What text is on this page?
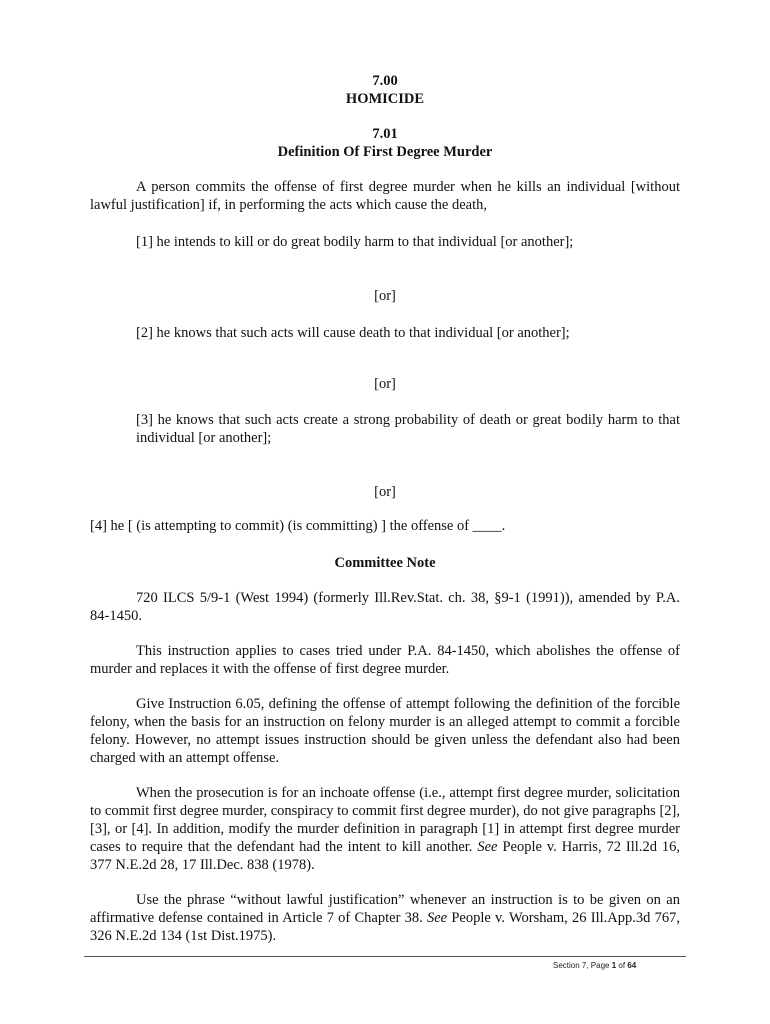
7.00
HOMICIDE
7.01
Definition Of First Degree Murder
A person commits the offense of first degree murder when he kills an individual [without lawful justification] if, in performing the acts which cause the death,
[1] he intends to kill or do great bodily harm to that individual [or another];
[or]
[2] he knows that such acts will cause death to that individual [or another];
[or]
[3] he knows that such acts create a strong probability of death or great bodily harm to that individual [or another];
[or]
[4] he [ (is attempting to commit) (is committing) ] the offense of ____.
Committee Note
720 ILCS 5/9-1 (West 1994) (formerly Ill.Rev.Stat. ch. 38, §9-1 (1991)), amended by P.A. 84-1450.
This instruction applies to cases tried under P.A. 84-1450, which abolishes the offense of murder and replaces it with the offense of first degree murder.
Give Instruction 6.05, defining the offense of attempt following the definition of the forcible felony, when the basis for an instruction on felony murder is an alleged attempt to commit a forcible felony. However, no attempt issues instruction should be given unless the defendant also had been charged with an attempt offense.
When the prosecution is for an inchoate offense (i.e., attempt first degree murder, solicitation to commit first degree murder, conspiracy to commit first degree murder), do not give paragraphs [2], [3], or [4]. In addition, modify the murder definition in paragraph [1] in attempt first degree murder cases to require that the defendant had the intent to kill another. See People v. Harris, 72 Ill.2d 16, 377 N.E.2d 28, 17 Ill.Dec. 838 (1978).
Use the phrase “without lawful justification” whenever an instruction is to be given on an affirmative defense contained in Article 7 of Chapter 38. See People v. Worsham, 26 Ill.App.3d 767, 326 N.E.2d 134 (1st Dist.1975).
Section 7, Page 1 of 64
